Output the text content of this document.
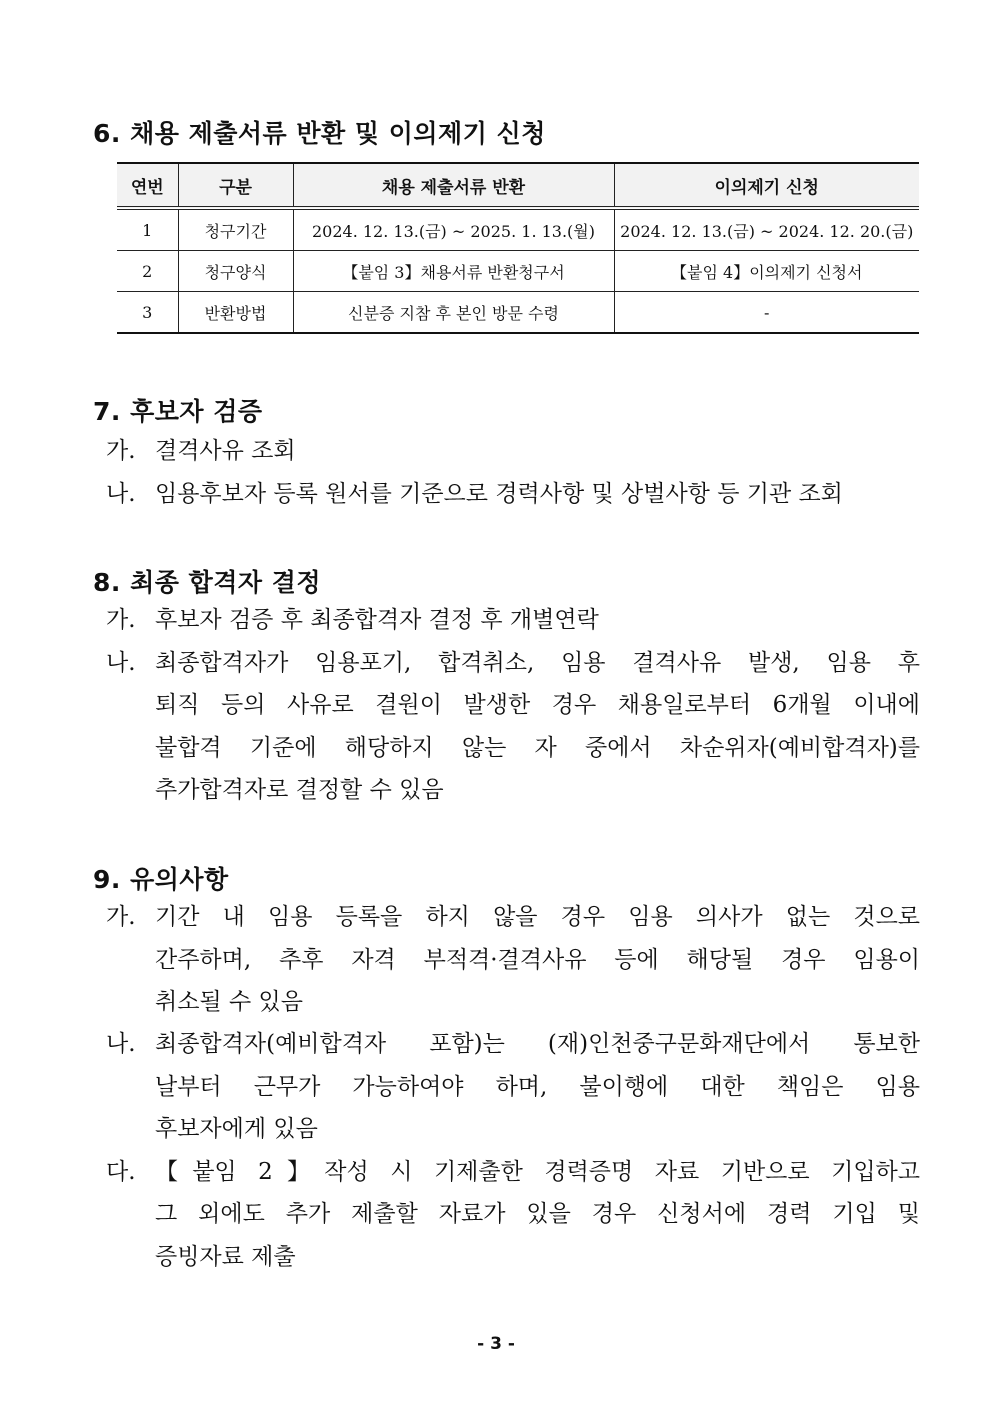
6. 채용 제출서류 반환 및 이의제기 신청
연번	구분	채용 제출서류 반환	이의제기 신청
1	청구기간	2024. 12. 13.(금) ~ 2025. 1. 13.(월)	2024. 12. 13.(금) ~ 2024. 12. 20.(금)
2	청구양식	【붙임 3】채용서류 반환청구서	【붙임 4】이의제기 신청서
3	반환방법	신분증 지참 후 본인 방문 수령	-
7. 후보자 검증
가. 결격사유 조회
나. 임용후보자 등록 원서를 기준으로 경력사항 및 상벌사항 등 기관 조회
8. 최종 합격자 결정
가. 후보자 검증 후 최종합격자 결정 후 개별연락
나. 최종합격자가 임용포기, 합격취소, 임용 결격사유 발생, 임용 후
퇴직 등의 사유로 결원이 발생한 경우 채용일로부터 6개월 이내에
불합격 기준에 해당하지 않는 자 중에서 차순위자(예비합격자)를
추가합격자로 결정할 수 있음
9. 유의사항
가. 기간 내 임용 등록을 하지 않을 경우 임용 의사가 없는 것으로
간주하며, 추후 자격 부적격·결격사유 등에 해당될 경우 임용이
취소될 수 있음
나. 최종합격자(예비합격자 포함)는 (재)인천중구문화재단에서 통보한
날부터 근무가 가능하여야 하며, 불이행에 대한 책임은 임용
후보자에게 있음
다. 【붙임 2】작성 시 기제출한 경력증명 자료 기반으로 기입하고
그 외에도 추가 제출할 자료가 있을 경우 신청서에 경력 기입 및
증빙자료 제출
- 3 -
